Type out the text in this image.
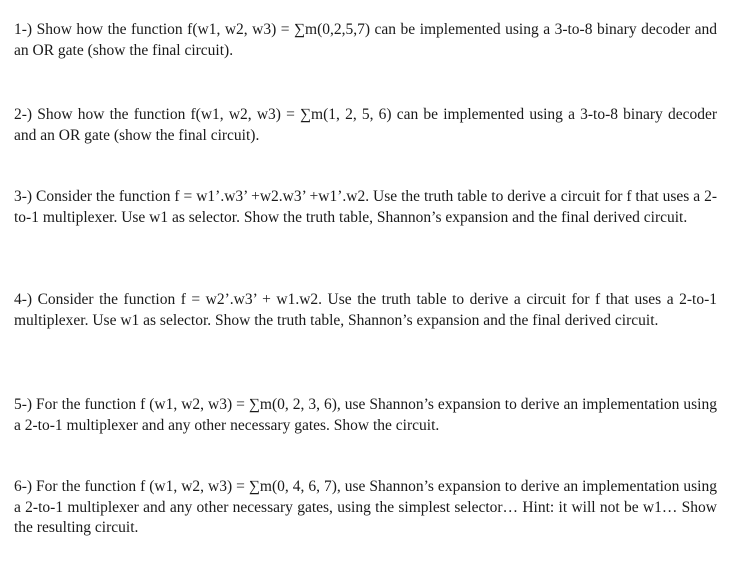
1-) Show how the function f(w1, w2, w3) = ∑m(0,2,5,7) can be implemented using a 3-to-8 binary decoder and an OR gate (show the final circuit).

2-) Show how the function f(w1, w2, w3) = ∑m(1, 2, 5, 6) can be implemented using a 3-to-8 binary decoder and an OR gate (show the final circuit).

3-) Consider the function f = w1’.w3’ +w2.w3’ +w1’.w2. Use the truth table to derive a circuit for f that uses a 2-to-1 multiplexer. Use w1 as selector. Show the truth table, Shannon’s expansion and the final derived circuit.

4-) Consider the function f = w2’.w3’ + w1.w2. Use the truth table to derive a circuit for f that uses a 2-to-1 multiplexer. Use w1 as selector. Show the truth table, Shannon’s expansion and the final derived circuit.

5-) For the function f (w1, w2, w3) = ∑m(0, 2, 3, 6), use Shannon’s expansion to derive an implementation using a 2-to-1 multiplexer and any other necessary gates. Show the circuit.

6-) For the function f (w1, w2, w3) = ∑m(0, 4, 6, 7), use Shannon’s expansion to derive an implementation using a 2-to-1 multiplexer and any other necessary gates, using the simplest selector… Hint: it will not be w1… Show the resulting circuit.
